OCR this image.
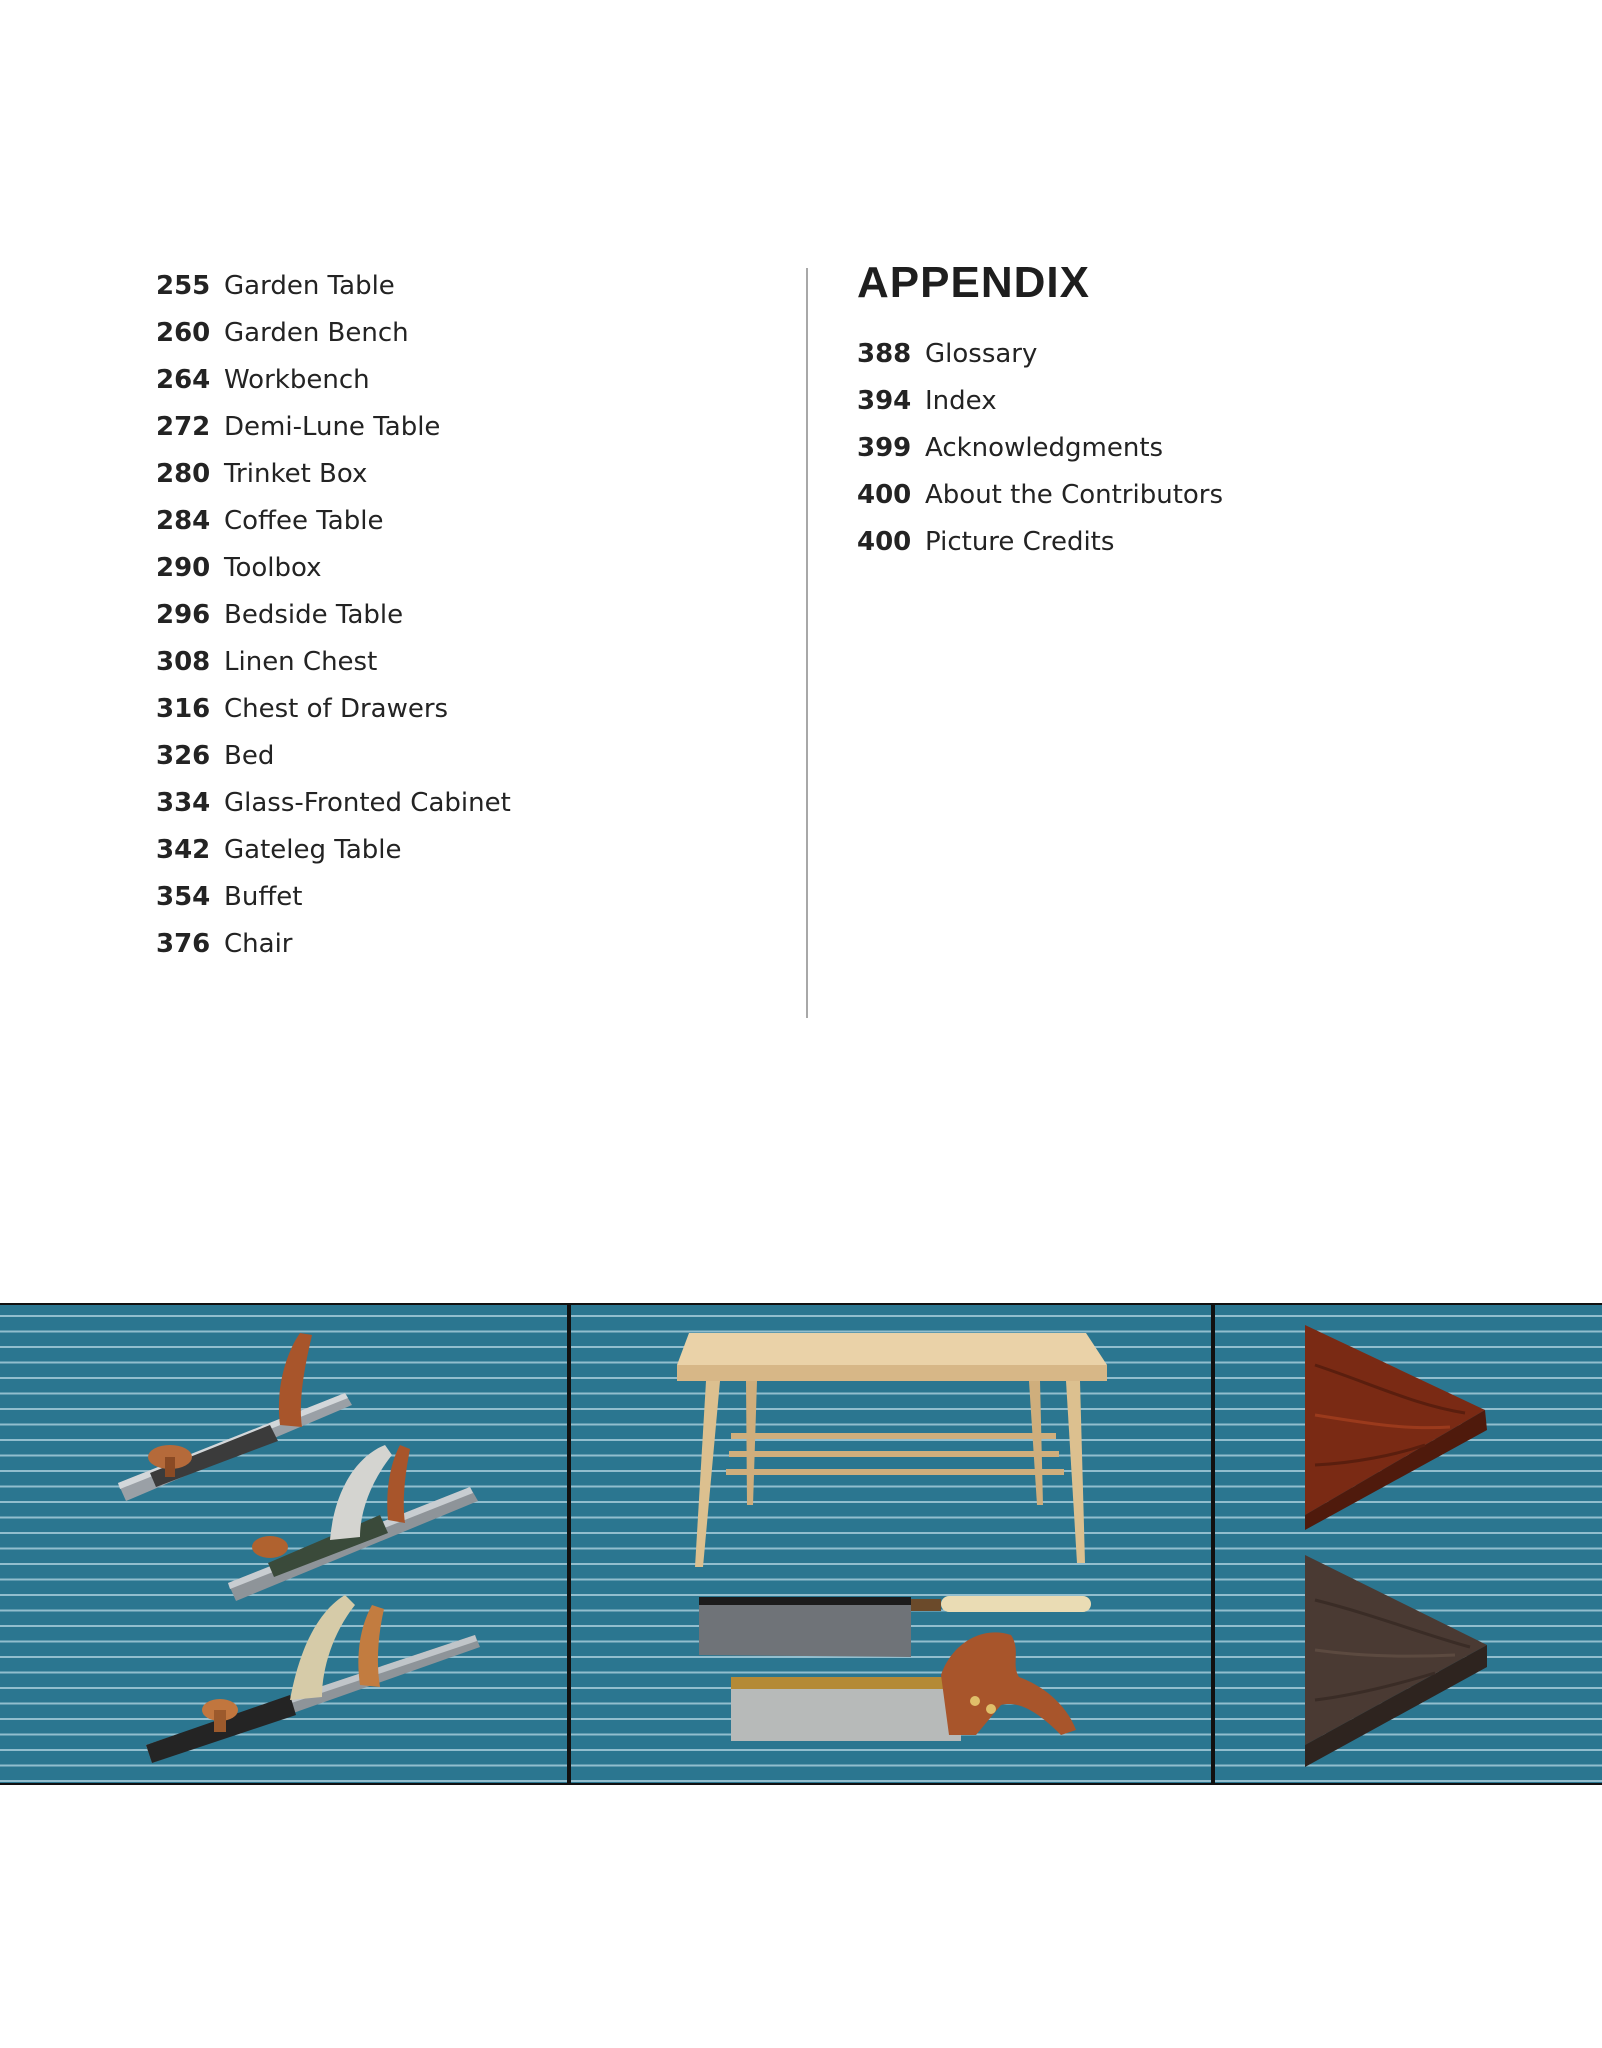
255 Garden Table
260 Garden Bench
264 Workbench
272 Demi-Lune Table
280 Trinket Box
284 Coffee Table
290 Toolbox
296 Bedside Table
308 Linen Chest
316 Chest of Drawers
326 Bed
334 Glass-Fronted Cabinet
342 Gateleg Table
354 Buffet
376 Chair
APPENDIX
388 Glossary
394 Index
399 Acknowledgments
400 About the Contributors
400 Picture Credits
